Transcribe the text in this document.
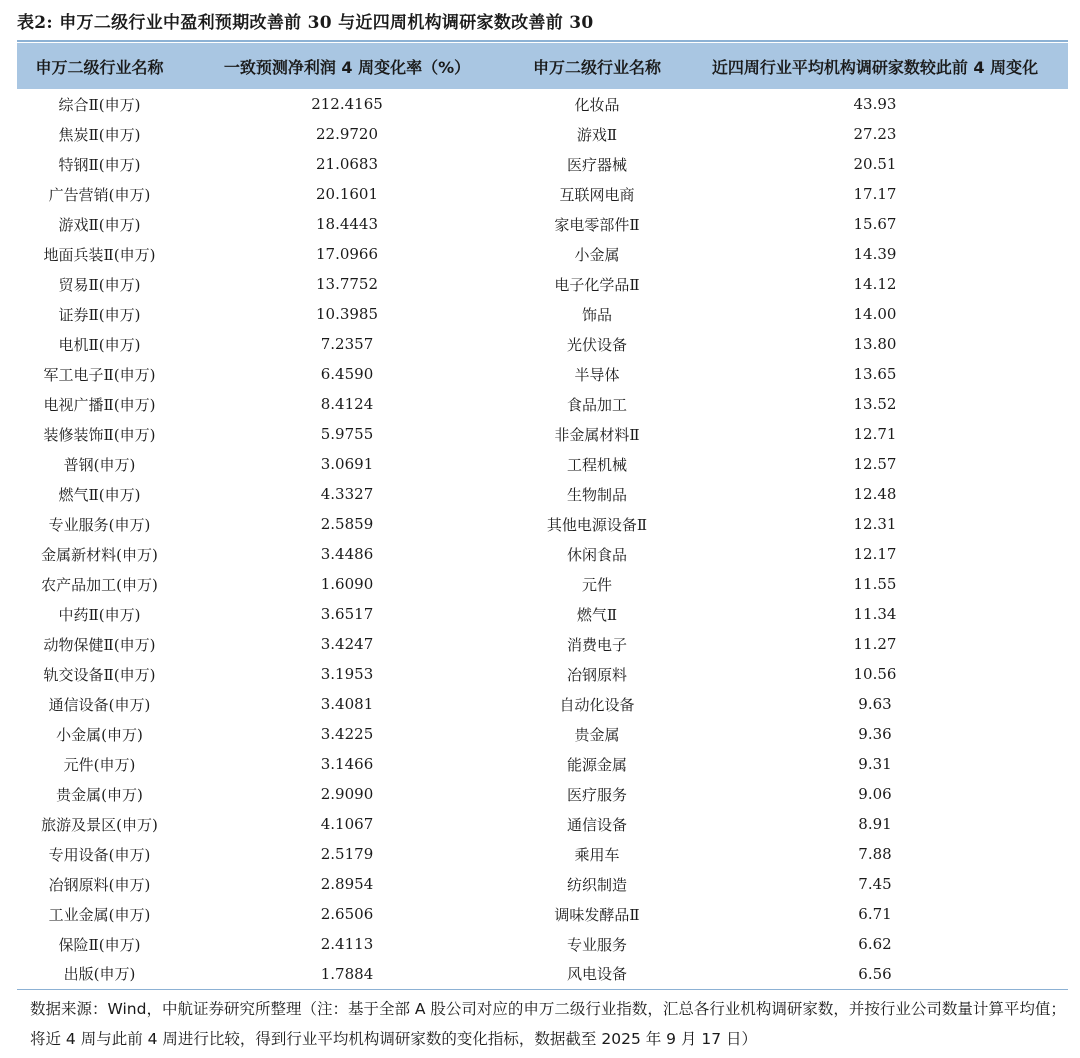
表2: 申万二级行业中盈利预期改善前 30 与近四周机构调研家数改善前 30
申万二级行业名称	一致预测净利润 4 周变化率（%）	申万二级行业名称	近四周行业平均机构调研家数较此前 4 周变化
综合Ⅱ(申万)	212.4165	化妆品	43.93
焦炭Ⅱ(申万)	22.9720	游戏Ⅱ	27.23
特钢Ⅱ(申万)	21.0683	医疗器械	20.51
广告营销(申万)	20.1601	互联网电商	17.17
游戏Ⅱ(申万)	18.4443	家电零部件Ⅱ	15.67
地面兵装Ⅱ(申万)	17.0966	小金属	14.39
贸易Ⅱ(申万)	13.7752	电子化学品Ⅱ	14.12
证券Ⅱ(申万)	10.3985	饰品	14.00
电机Ⅱ(申万)	7.2357	光伏设备	13.80
军工电子Ⅱ(申万)	6.4590	半导体	13.65
电视广播Ⅱ(申万)	8.4124	食品加工	13.52
装修装饰Ⅱ(申万)	5.9755	非金属材料Ⅱ	12.71
普钢(申万)	3.0691	工程机械	12.57
燃气Ⅱ(申万)	4.3327	生物制品	12.48
专业服务(申万)	2.5859	其他电源设备Ⅱ	12.31
金属新材料(申万)	3.4486	休闲食品	12.17
农产品加工(申万)	1.6090	元件	11.55
中药Ⅱ(申万)	3.6517	燃气Ⅱ	11.34
动物保健Ⅱ(申万)	3.4247	消费电子	11.27
轨交设备Ⅱ(申万)	3.1953	冶钢原料	10.56
通信设备(申万)	3.4081	自动化设备	9.63
小金属(申万)	3.4225	贵金属	9.36
元件(申万)	3.1466	能源金属	9.31
贵金属(申万)	2.9090	医疗服务	9.06
旅游及景区(申万)	4.1067	通信设备	8.91
专用设备(申万)	2.5179	乘用车	7.88
冶钢原料(申万)	2.8954	纺织制造	7.45
工业金属(申万)	2.6506	调味发酵品Ⅱ	6.71
保险Ⅱ(申万)	2.4113	专业服务	6.62
出版(申万)	1.7884	风电设备	6.56
数据来源：Wind，中航证券研究所整理（注：基于全部 A 股公司对应的申万二级行业指数，汇总各行业机构调研家数，并按行业公司数量计算平均值；将近 4 周与此前 4 周进行比较，得到行业平均机构调研家数的变化指标，数据截至 2025 年 9 月 17 日）
